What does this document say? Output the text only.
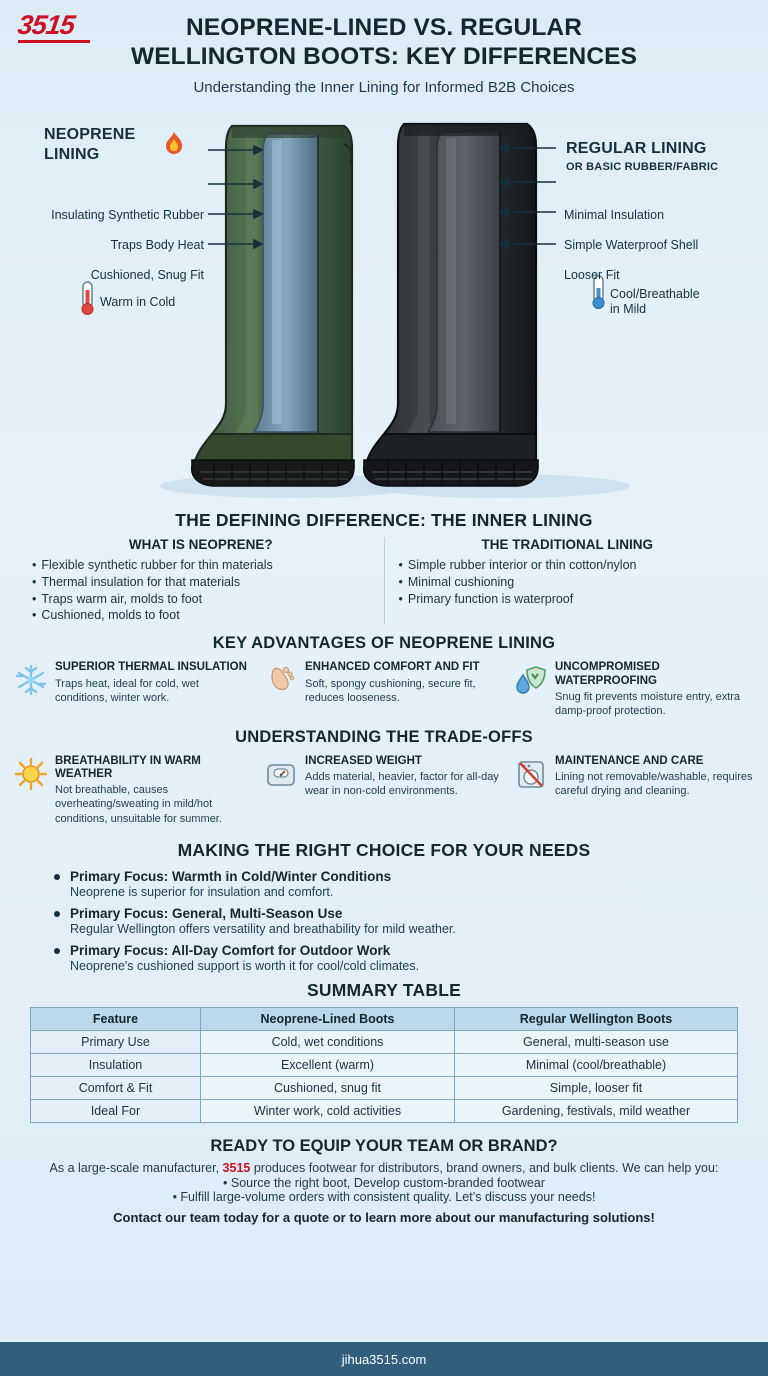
3515	NEOPRENE-LINED VS. REGULAR
WELLINGTON BOOTS: KEY DIFFERENCES
Understanding the Inner Lining for Informed B2B Choices
NEOPRENE
LINING
Insulating Synthetic Rubber
Traps Body Heat
Cushioned, Snug Fit
Warm in Cold
REGULAR LINING
OR BASIC RUBBER/FABRIC
Minimal Insulation
Simple Waterproof Shell
Looser Fit
Cool/Breathable
in Mild
THE DEFINING DIFFERENCE: THE INNER LINING
WHAT IS NEOPRENE?
• Flexible synthetic rubber for thin materials
• Thermal insulation for that materials
• Traps warm air, molds to foot
• Cushioned, molds to foot
THE TRADITIONAL LINING
• Simple rubber interior or thin cotton/nylon
• Minimal cushioning
• Primary function is waterproof
KEY ADVANTAGES OF NEOPRENE LINING
SUPERIOR THERMAL INSULATION
Traps heat, ideal for cold, wet conditions, winter work.
ENHANCED COMFORT AND FIT
Soft, spongy cushioning, secure fit, reduces looseness.
UNCOMPROMISED WATERPROOFING
Snug fit prevents moisture entry, extra damp-proof protection.
UNDERSTANDING THE TRADE-OFFS
BREATHABILITY IN WARM WEATHER
Not breathable, causes overheating/sweating in mild/hot conditions, unsuitable for summer.
INCREASED WEIGHT
Adds material, heavier, factor for all-day wear in non-cold environments.
MAINTENANCE AND CARE
Lining not removable/washable, requires careful drying and cleaning.
MAKING THE RIGHT CHOICE FOR YOUR NEEDS
Primary Focus: Warmth in Cold/Winter Conditions
Neoprene is superior for insulation and comfort.
Primary Focus: General, Multi-Season Use
Regular Wellington offers versatility and breathability for mild weather.
Primary Focus: All-Day Comfort for Outdoor Work
Neoprene's cushioned support is worth it for cool/cold climates.
SUMMARY TABLE
Feature	Neoprene-Lined Boots	Regular Wellington Boots
Primary Use	Cold, wet conditions	General, multi-season use
Insulation	Excellent (warm)	Minimal (cool/breathable)
Comfort & Fit	Cushioned, snug fit	Simple, looser fit
Ideal For	Winter work, cold activities	Gardening, festivals, mild weather
READY TO EQUIP YOUR TEAM OR BRAND?
As a large-scale manufacturer, 3515 produces footwear for distributors, brand owners, and bulk clients. We can help you:
• Source the right boot, Develop custom-branded footwear
• Fulfill large-volume orders with consistent quality. Let’s discuss your needs!
Contact our team today for a quote or to learn more about our manufacturing solutions!
jihua3515.com
